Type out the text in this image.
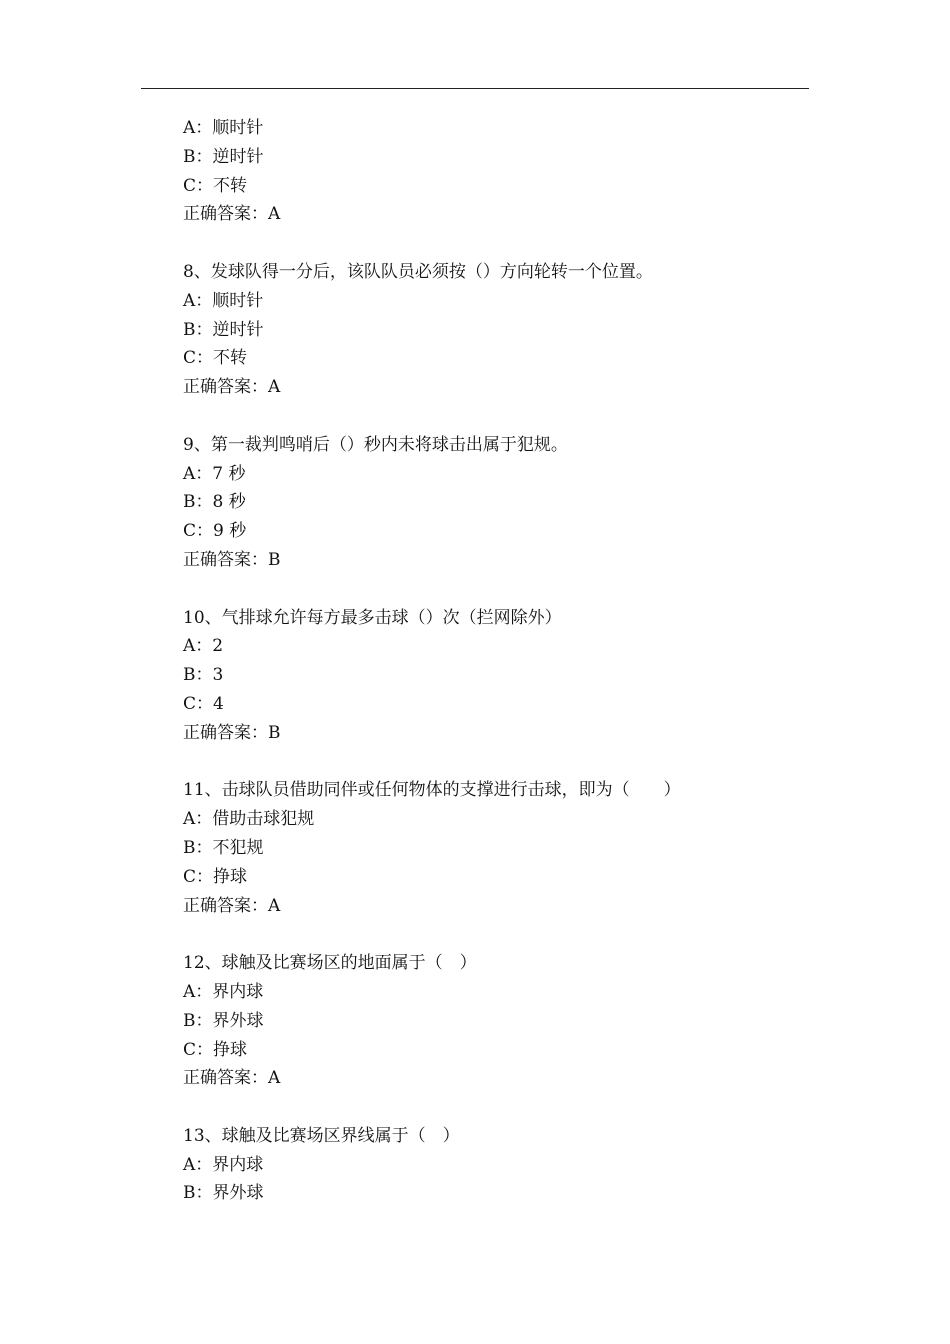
A：顺时针
B：逆时针
C：不转
正确答案：A
8、发球队得一分后，该队队员必须按（）方向轮转一个位置。
A：顺时针
B：逆时针
C：不转
正确答案：A
9、第一裁判鸣哨后（）秒内未将球击出属于犯规。
A：7 秒
B：8 秒
C：9 秒
正确答案：B
10、气排球允许每方最多击球（）次（拦网除外）
A：2
B：3
C：4
正确答案：B
11、击球队员借助同伴或任何物体的支撑进行击球，即为（　　）
A：借助击球犯规
B：不犯规
C：挣球
正确答案：A
12、球触及比赛场区的地面属于（　）
A：界内球
B：界外球
C：挣球
正确答案：A
13、球触及比赛场区界线属于（　）
A：界内球
B：界外球
